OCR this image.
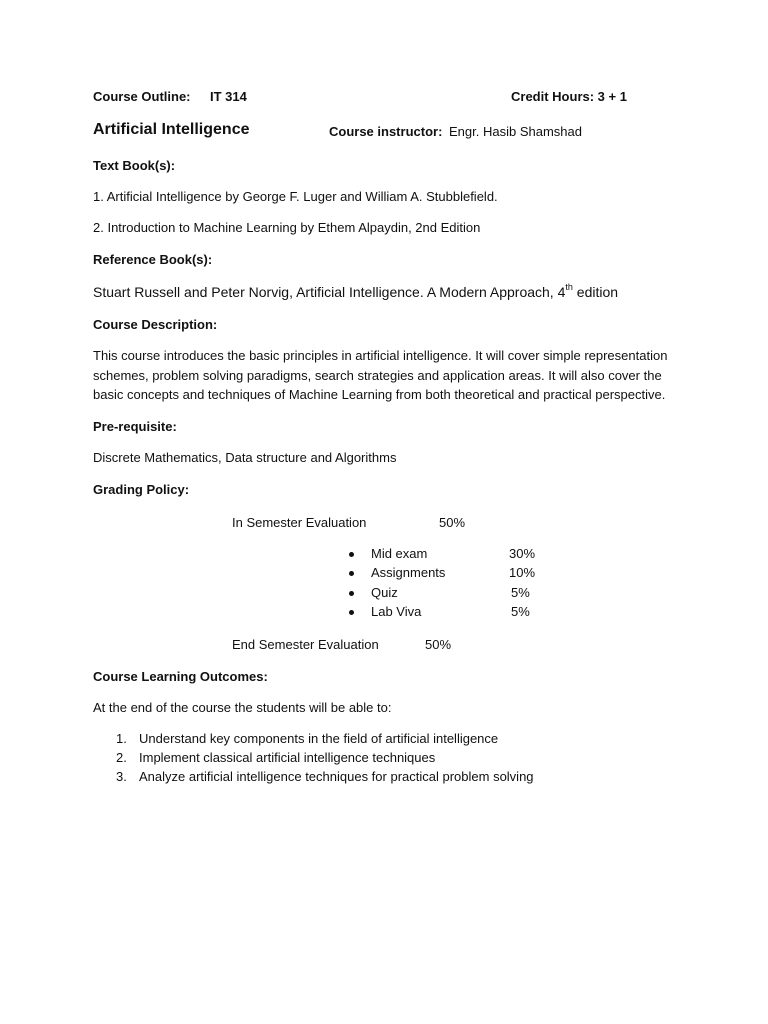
Course Outline: IT 314	Credit Hours: 3 + 1
Artificial Intelligence	Course instructor: Engr. Hasib Shamshad
Text Book(s):
1. Artificial Intelligence by George F. Luger and William A. Stubblefield.
2. Introduction to Machine Learning by Ethem Alpaydin, 2nd Edition
Reference Book(s):
Stuart Russell and Peter Norvig, Artificial Intelligence. A Modern Approach, 4th edition
Course Description:
This course introduces the basic principles in artificial intelligence. It will cover simple representation schemes, problem solving paradigms, search strategies and application areas. It will also cover the basic concepts and techniques of Machine Learning from both theoretical and practical perspective.
Pre-requisite:
Discrete Mathematics, Data structure and Algorithms
Grading Policy:
In Semester Evaluation	50%
Mid exam	30%
Assignments	10%
Quiz	5%
Lab Viva	5%
End Semester Evaluation	50%
Course Learning Outcomes:
At the end of the course the students will be able to:
1. Understand key components in the field of artificial intelligence
2. Implement classical artificial intelligence techniques
3. Analyze artificial intelligence techniques for practical problem solving
